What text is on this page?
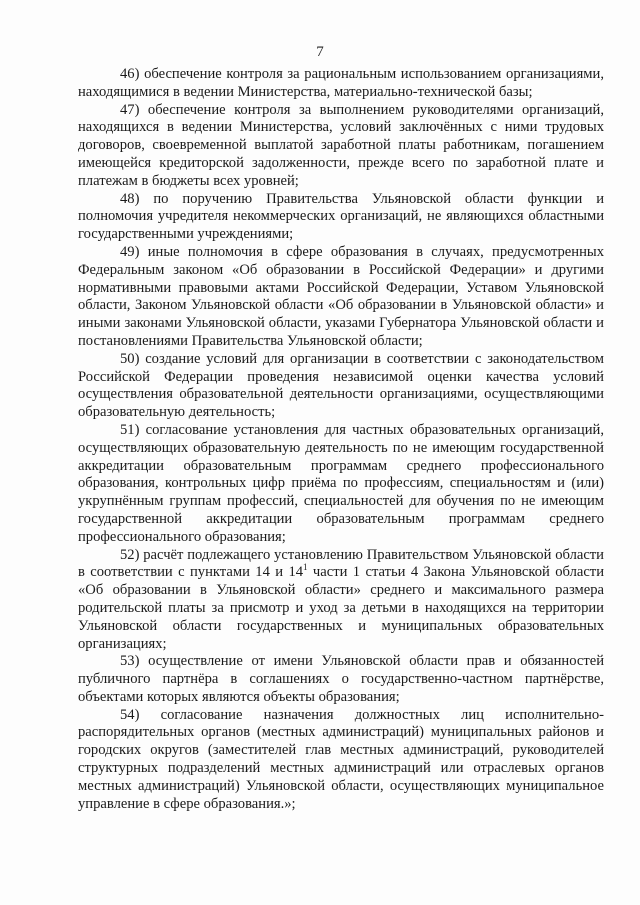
7

46) обеспечение контроля за рациональным использованием организациями, находящимися в ведении Министерства, материально-технической базы;

47) обеспечение контроля за выполнением руководителями организаций, находящихся в ведении Министерства, условий заключённых с ними трудовых договоров, своевременной выплатой заработной платы работникам, погашением имеющейся кредиторской задолженности, прежде всего по заработной плате и платежам в бюджеты всех уровней;

48) по поручению Правительства Ульяновской области функции и полномочия учредителя некоммерческих организаций, не являющихся областными государственными учреждениями;

49) иные полномочия в сфере образования в случаях, предусмотренных Федеральным законом «Об образовании в Российской Федерации» и другими нормативными правовыми актами Российской Федерации, Уставом Ульяновской области, Законом Ульяновской области «Об образовании в Ульяновской области» и иными законами Ульяновской области, указами Губернатора Ульяновской области и постановлениями Правительства Ульяновской области;

50) создание условий для организации в соответствии с законодательством Российской Федерации проведения независимой оценки качества условий осуществления образовательной деятельности организациями, осуществляющими образовательную деятельность;

51) согласование установления для частных образовательных организаций, осуществляющих образовательную деятельность по не имеющим государственной аккредитации образовательным программам среднего профессионального образования, контрольных цифр приёма по профессиям, специальностям и (или) укрупнённым группам профессий, специальностей для обучения по не имеющим государственной аккредитации образовательным программам среднего профессионального образования;

52) расчёт подлежащего установлению Правительством Ульяновской области в соответствии с пунктами 14 и $14^1$ части 1 статьи 4 Закона Ульяновской области «Об образовании в Ульяновской области» среднего и максимального размера родительской платы за присмотр и уход за детьми в находящихся на территории Ульяновской области государственных и муниципальных образовательных организациях;

53) осуществление от имени Ульяновской области прав и обязанностей публичного партнёра в соглашениях о государственно-частном партнёрстве, объектами которых являются объекты образования;

54) согласование назначения должностных лиц исполнительно-распорядительных органов (местных администраций) муниципальных районов и городских округов (заместителей глав местных администраций, руководителей структурных подразделений местных администраций или отраслевых органов местных администраций) Ульяновской области, осуществляющих муниципальное управление в сфере образования.»;
